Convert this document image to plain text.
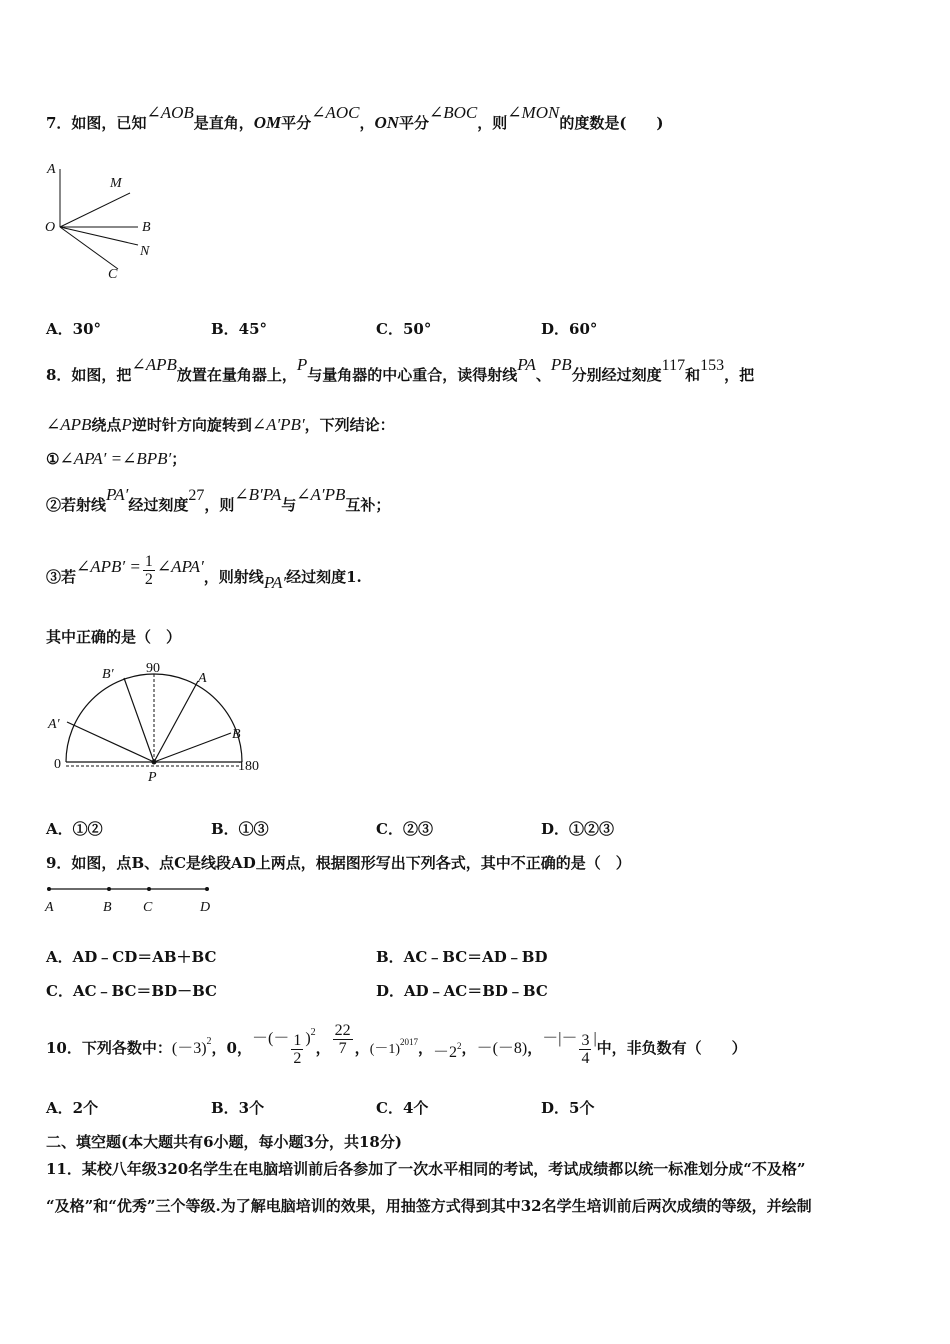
7．如图，已知∠AOB是直角，OM平分∠AOC，ON平分∠BOC，则∠MON的度数是(　　)
A
M
O	B
N
C
A．30°	B．45°	C．50°	D．60°
8．如图，把∠APB放置在量角器上，P与量角器的中心重合，读得射线PA、PB分别经过刻度117和153，把
∠APB绕点P逆时针方向旋转到∠A′PB′，下列结论：
①∠APA′ =∠BPB′；
②若射线PA′经过刻度27，则∠B′PA与∠A′PB互补；
③若∠APB′ = $\frac{1}{2}$ ∠APA′，则射线PA′经过刻度1.
其中正确的是（　）
B′ 90
A
A′
B
0
P
180
A．①②	B．①③	C．②③	D．①②③
9．如图，点B、点C是线段AD上两点，根据图形写出下列各式，其中不正确的是（　）
A	B C	D
A．AD﹣CD＝AB＋BC	B．AC﹣BC＝AD﹣BD
C．AC﹣BC＝BD－BC	D．AD﹣AC＝BD﹣BC
10．下列各数中：$(-3)^2$，0，－(－ $\frac{1}{2} )^2$， $\frac{22}{7}$ ，$(-1)^{2017}$，$-2^2$，－(－8)，－|－ $\frac{3}{4}$ |中，非负数有（　　）
A．2个	B．3个	C．4个	D．5个
二、填空题(本大题共有6小题，每小题3分，共18分)
11．某校八年级320名学生在电脑培训前后各参加了一次水平相同的考试，考试成绩都以统一标准划分成“不及格”
“及格”和“优秀”三个等级.为了解电脑培训的效果，用抽签方式得到其中32名学生培训前后两次成绩的等级，并绘制
